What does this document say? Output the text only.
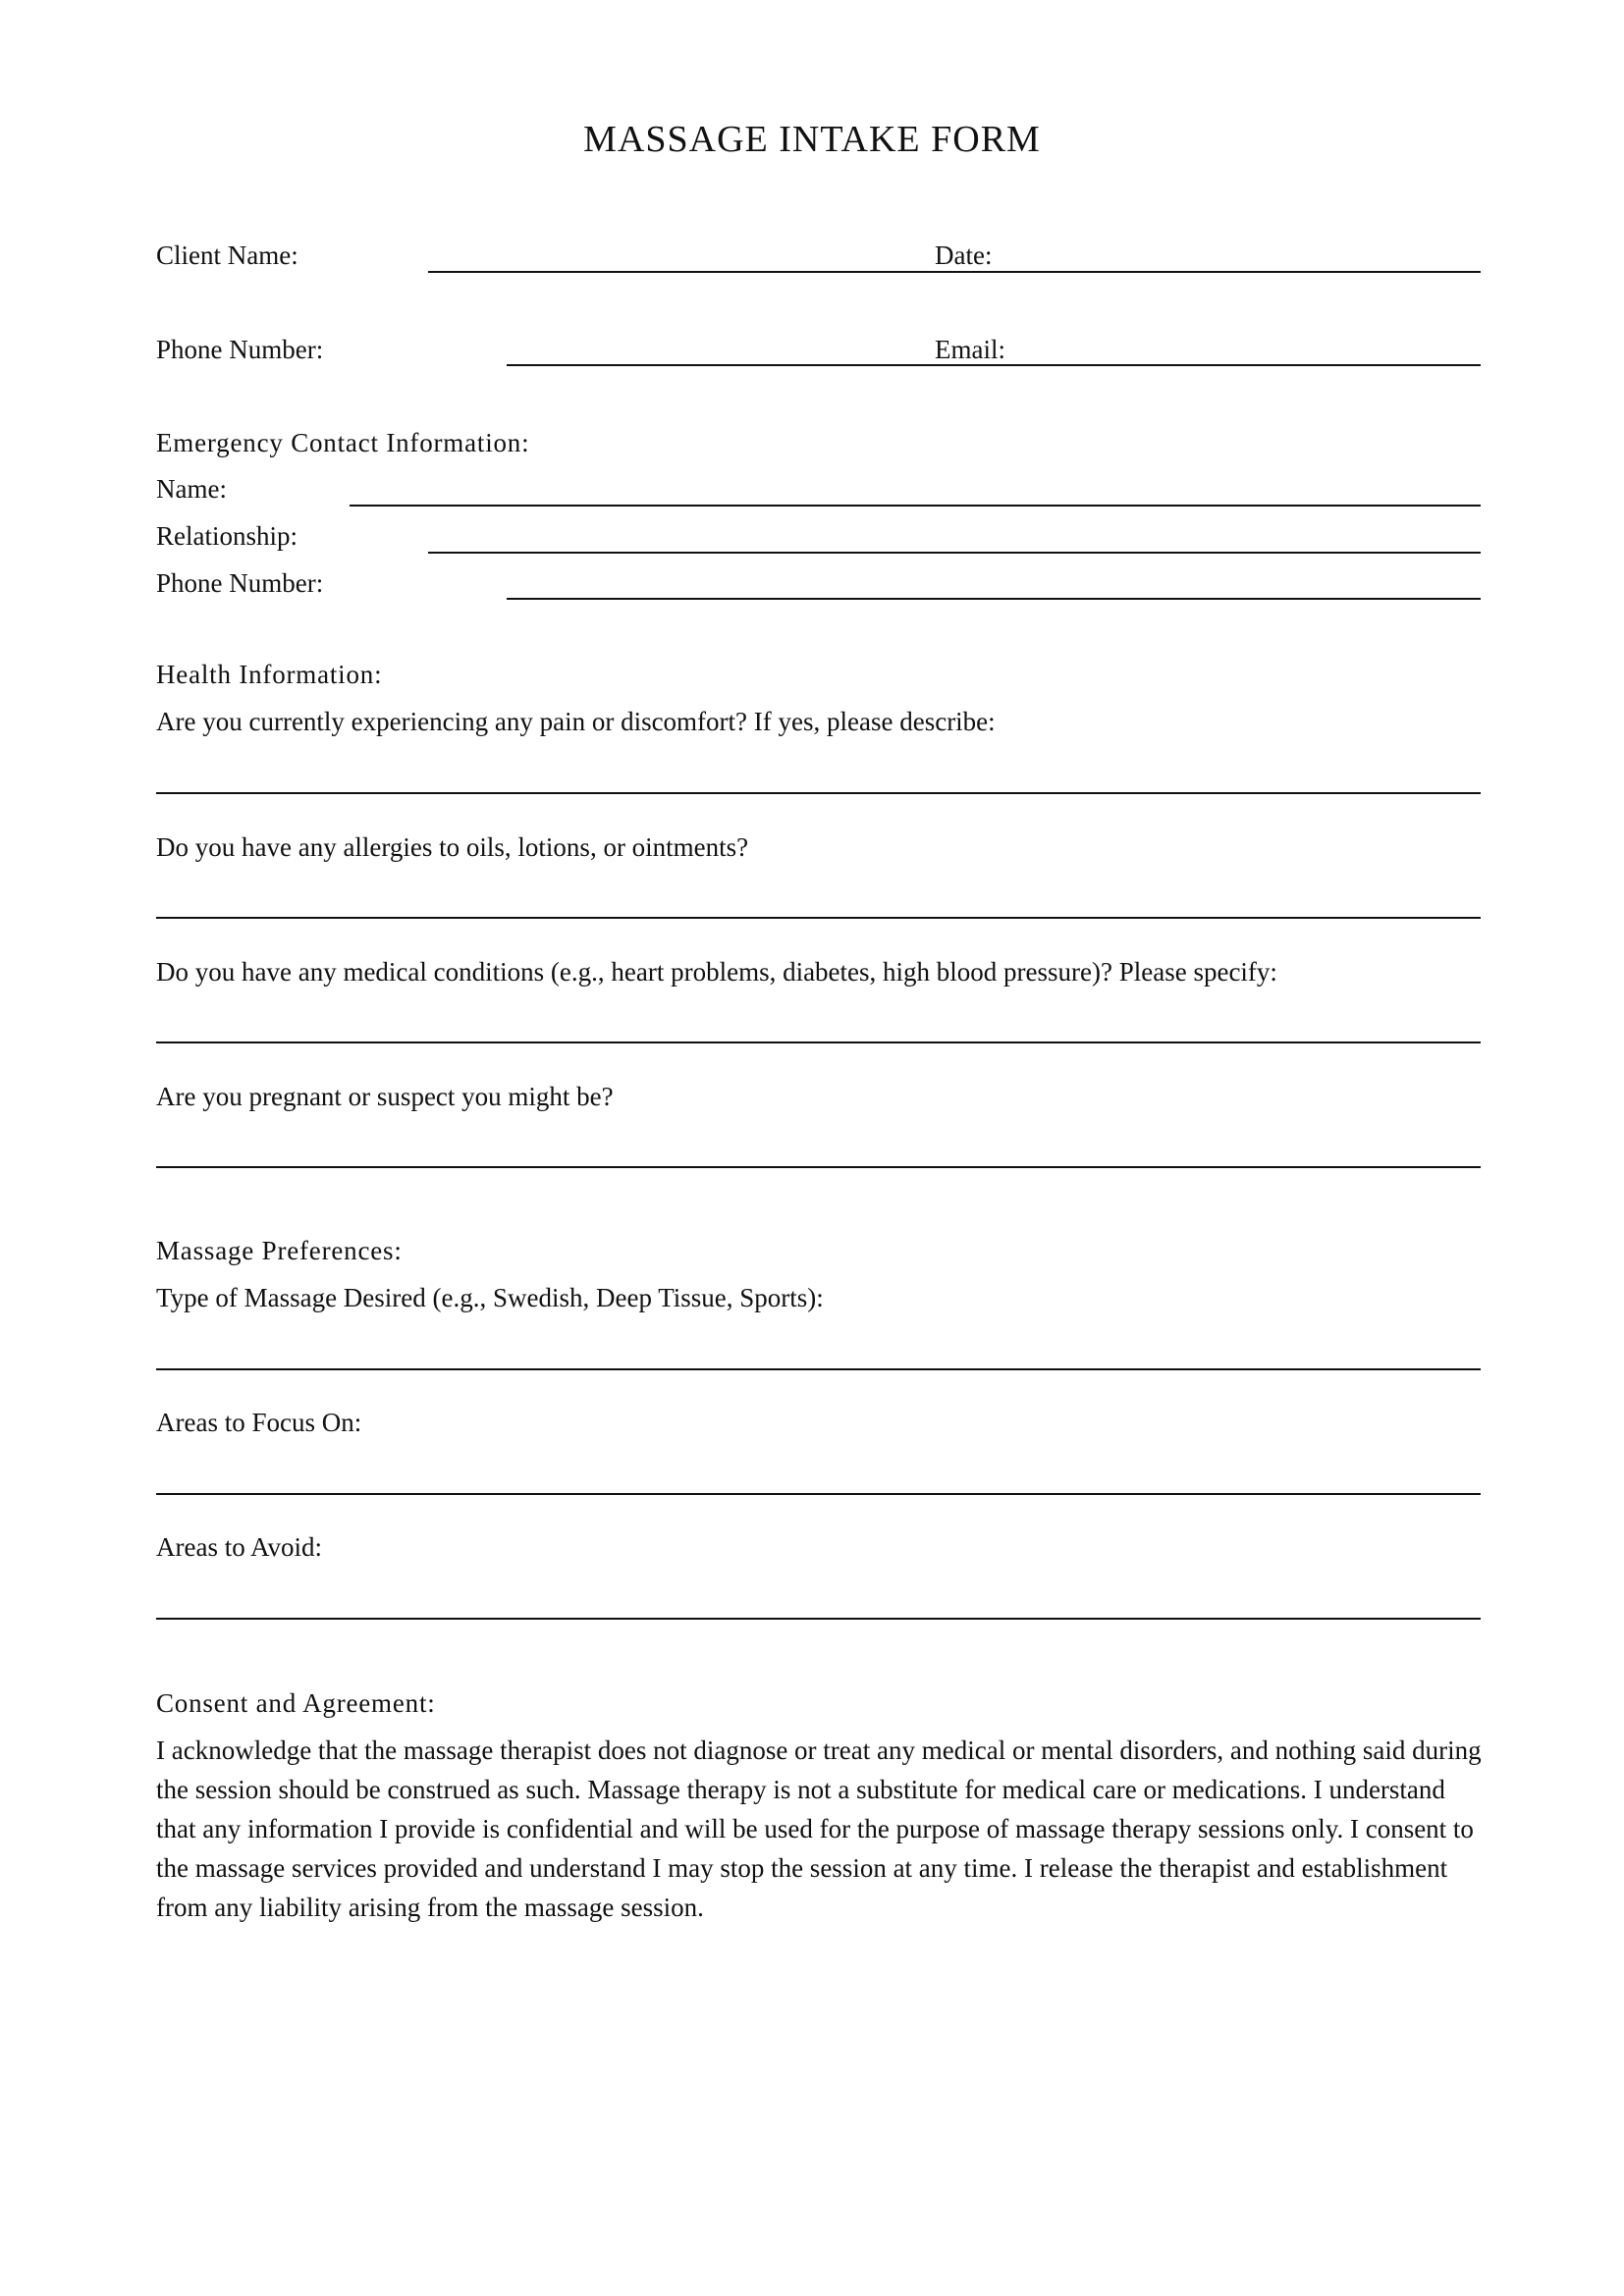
MASSAGE INTAKE FORM
Client Name:	Date:
Phone Number:	Email:
Emergency Contact Information:
Name:
Relationship:
Phone Number:
Health Information:
Are you currently experiencing any pain or discomfort? If yes, please describe:
Do you have any allergies to oils, lotions, or ointments?
Do you have any medical conditions (e.g., heart problems, diabetes, high blood pressure)? Please specify:
Are you pregnant or suspect you might be?
Massage Preferences:
Type of Massage Desired (e.g., Swedish, Deep Tissue, Sports):
Areas to Focus On:
Areas to Avoid:
Consent and Agreement:
I acknowledge that the massage therapist does not diagnose or treat any medical or mental disorders, and nothing said during the session should be construed as such. Massage therapy is not a substitute for medical care or medications. I understand that any information I provide is confidential and will be used for the purpose of massage therapy sessions only. I consent to the massage services provided and understand I may stop the session at any time. I release the therapist and establishment from any liability arising from the massage session.
